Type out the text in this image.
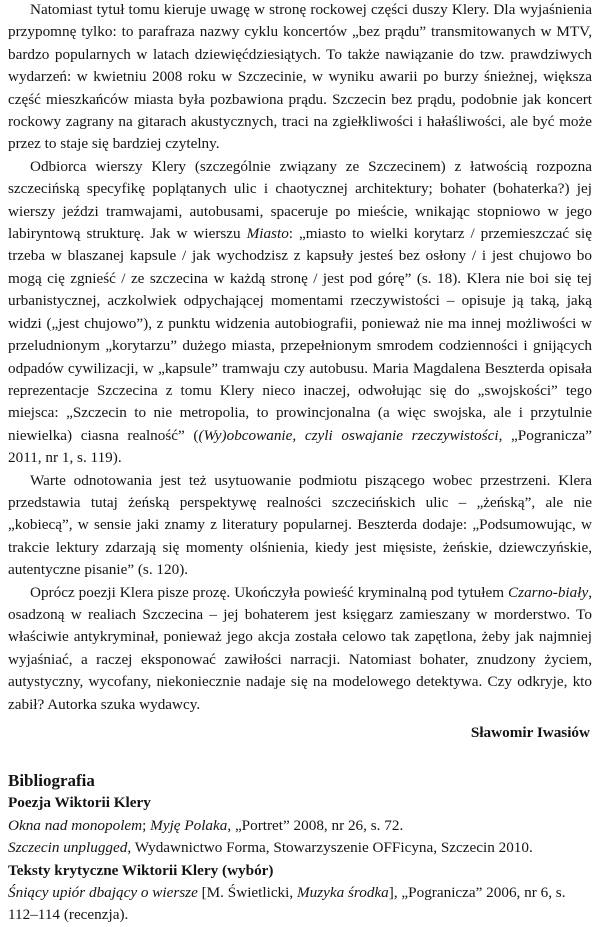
Natomiast tytuł tomu kieruje uwagę w stronę rockowej części duszy Klery. Dla wyjaśnienia przypomnę tylko: to parafraza nazwy cyklu koncertów „bez prądu” transmitowanych w MTV, bardzo popularnych w latach dziewięćdziesiątych. To także nawiązanie do tzw. prawdziwych wydarzeń: w kwietniu 2008 roku w Szczecinie, w wyniku awarii po burzy śnieżnej, większa część mieszkańców miasta była pozbawiona prądu. Szczecin bez prądu, podobnie jak koncert rockowy zagrany na gitarach akustycznych, traci na zgiełkliwości i hałaśliwości, ale być może przez to staje się bardziej czytelny.

Odbiorca wierszy Klery (szczególnie związany ze Szczecinem) z łatwością rozpozna szczecińską specyfikę poplątanych ulic i chaotycznej architektury; bohater (bohaterka?) jej wierszy jeździ tramwajami, autobusami, spaceruje po mieście, wnikając stopniowo w jego labiryntową strukturę. Jak w wierszu Miasto: „miasto to wielki korytarz / przemieszczać się trzeba w blaszanej kapsule / jak wychodzisz z kapsuły jesteś bez osłony / i jest chujowo bo mogą cię zgnieść / ze szczecina w każdą stronę / jest pod górę” (s. 18). Klera nie boi się tej urbanistycznej, aczkolwiek odpychającej momentami rzeczywistości – opisuje ją taką, jaką widzi („jest chujowo”), z punktu widzenia autobiografii, ponieważ nie ma innej możliwości w przeludnionym „korytarzu” dużego miasta, przepełnionym smrodem codzienności i gnijących odpadów cywilizacji, w „kapsule” tramwaju czy autobusu. Maria Magdalena Beszterda opisała reprezentacje Szczecina z tomu Klery nieco inaczej, odwołując się do „swojskości” tego miejsca: „Szczecin to nie metropolia, to prowincjonalna (a więc swojska, ale i przytulnie niewielka) ciasna realność” ((Wy)obcowanie, czyli oswajanie rzeczywistości, „Pogranicza” 2011, nr 1, s. 119).

Warte odnotowania jest też usytuowanie podmiotu piszącego wobec przestrzeni. Klera przedstawia tutaj żeńską perspektywę realności szczecińskich ulic – „żeńską”, ale nie „kobiecą”, w sensie jaki znamy z literatury popularnej. Beszterda dodaje: „Podsumowując, w trakcie lektury zdarzają się momenty olśnienia, kiedy jest mięsiste, żeńskie, dziewczyńskie, autentyczne pisanie” (s. 120).

Oprócz poezji Klera pisze prozę. Ukończyła powieść kryminalną pod tytułem Czarno-biały, osadzoną w realiach Szczecina – jej bohaterem jest księgarz zamieszany w morderstwo. To właściwie antykryminał, ponieważ jego akcja została celowo tak zapętlona, żeby jak najmniej wyjaśniać, a raczej eksponować zawiłości narracji. Natomiast bohater, znudzony życiem, autystyczny, wycofany, niekoniecznie nadaje się na modelowego detektywa. Czy odkryje, kto zabił? Autorka szuka wydawcy.

Sławomir Iwasiów
Bibliografia
Poezja Wiktorii Klery

Okna nad monopolem; Myję Polaka, „Portret” 2008, nr 26, s. 72.

Szczecin unplugged, Wydawnictwo Forma, Stowarzyszenie OFFicyna, Szczecin 2010.

Teksty krytyczne Wiktorii Klery (wybór)

Śniący upiór dbający o wiersze [M. Świetlicki, Muzyka środka], „Pogranicza” 2006, nr 6, s. 112–114 (recenzja).
